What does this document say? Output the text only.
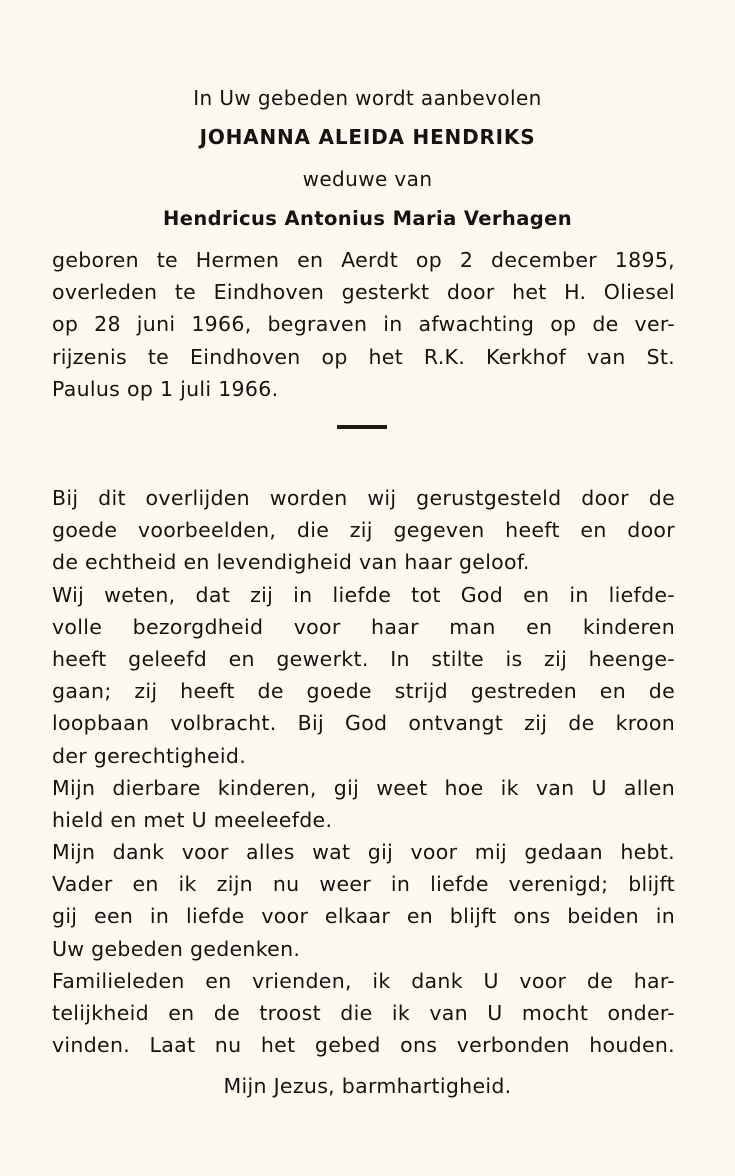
In Uw gebeden wordt aanbevolen
JOHANNA ALEIDA HENDRIKS
weduwe van
Hendricus Antonius Maria Verhagen
geboren te Hermen en Aerdt op 2 december 1895,
overleden te Eindhoven gesterkt door het H. Oliesel
op 28 juni 1966, begraven in afwachting op de ver-
rijzenis te Eindhoven op het R.K. Kerkhof van St.
Paulus op 1 juli 1966.
Bij dit overlijden worden wij gerustgesteld door de
goede voorbeelden, die zij gegeven heeft en door
de echtheid en levendigheid van haar geloof.
Wij weten, dat zij in liefde tot God en in liefde-
volle bezorgdheid voor haar man en kinderen
heeft geleefd en gewerkt. In stilte is zij heenge-
gaan; zij heeft de goede strijd gestreden en de
loopbaan volbracht. Bij God ontvangt zij de kroon
der gerechtigheid.
Mijn dierbare kinderen, gij weet hoe ik van U allen
hield en met U meeleefde.
Mijn dank voor alles wat gij voor mij gedaan hebt.
Vader en ik zijn nu weer in liefde verenigd; blijft
gij een in liefde voor elkaar en blijft ons beiden in
Uw gebeden gedenken.
Familieleden en vrienden, ik dank U voor de har-
telijkheid en de troost die ik van U mocht onder-
vinden. Laat nu het gebed ons verbonden houden.
Mijn Jezus, barmhartigheid.
